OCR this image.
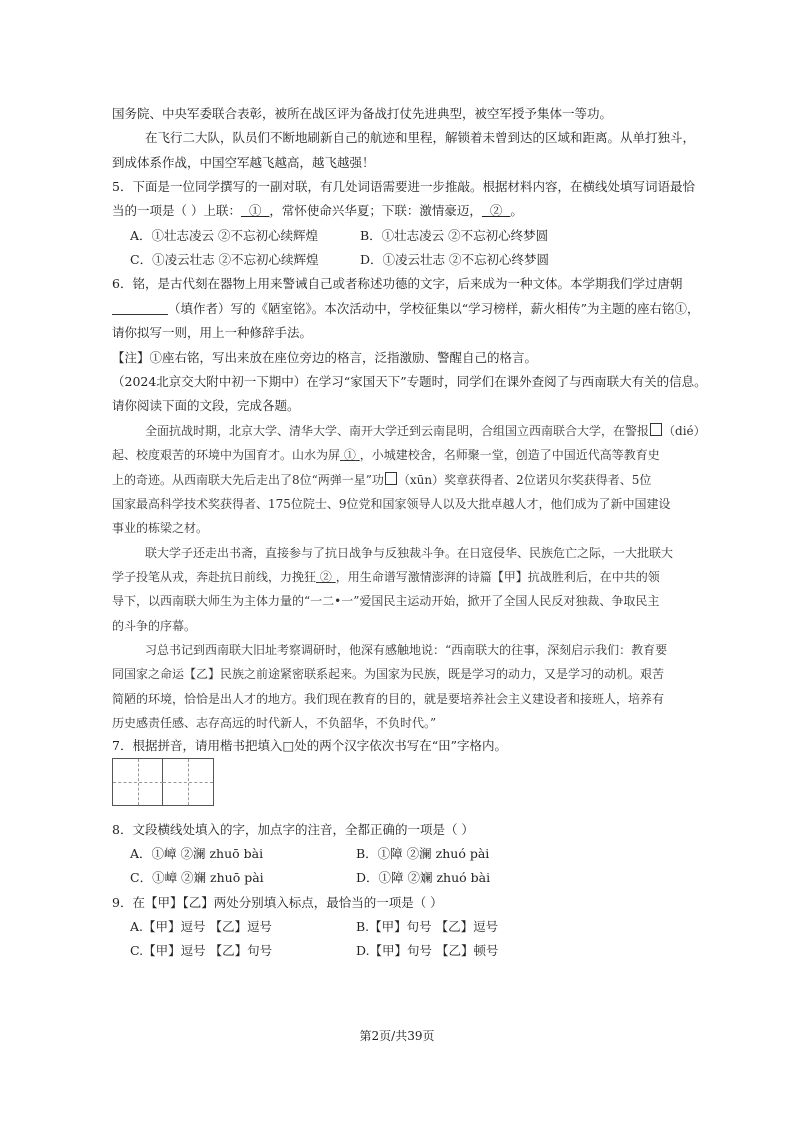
国务院、中央军委联合表彰，被所在战区评为备战打仗先进典型，被空军授予集体一等功。
在飞行二大队，队员们不断地刷新自己的航迹和里程，解锁着未曾到达的区域和距离。从单打独斗，
到成体系作战，中国空军越飞越高，越飞越强！
5．下面是一位同学撰写的一副对联，有几处词语需要进一步推敲。根据材料内容，在横线处填写词语最恰
当的一项是（ ）上联： ① ，常怀使命兴华夏；下联：激情豪迈， ② 。
A．①壮志凌云 ②不忘初心续辉煌	B．①壮志凌云 ②不忘初心终梦圆
C．①凌云壮志 ②不忘初心续辉煌	D．①凌云壮志 ②不忘初心终梦圆
6．铭，是古代刻在器物上用来警诫自己或者称述功德的文字，后来成为一种文体。本学期我们学过唐朝
（填作者）写的《陋室铭》。本次活动中，学校征集以“学习榜样，薪火相传”为主题的座右铭①，
请你拟写一则，用上一种修辞手法。
【注】①座右铭，写出来放在座位旁边的格言，泛指激励、警醒自己的格言。
（2024北京交大附中初一下期中）在学习“家国天下”专题时，同学们在课外查阅了与西南联大有关的信息。
请你阅读下面的文段，完成各题。
全面抗战时期，北京大学、清华大学、南开大学迁到云南昆明，合组国立西南联合大学，在警报 （dié）
起、校度艰苦的环境中为国育才。山水为屏 ① ，小城建校舍，名师聚一堂，创造了中国近代高等教育史
上的奇迹。从西南联大先后走出了8位“两弹一星”功 （xūn）奖章获得者、2位诺贝尔奖获得者、5位
国家最高科学技术奖获得者、175位院士、9位党和国家领导人以及大批卓越人才，他们成为了新中国建设
事业的栋梁之材。
联大学子还走出书斋，直接参与了抗日战争与反独裁斗争。在日寇侵华、民族危亡之际，一大批联大
学子投笔从戎，奔赴抗日前线，力挽狂 ② ，用生命谱写激情澎湃的诗篇【甲】抗战胜利后，在中共的领
导下，以西南联大师生为主体力量的“一二•一”爱国民主运动开始，掀开了全国人民反对独裁、争取民主
的斗争的序幕。
习总书记到西南联大旧址考察调研时，他深有感触地说：“西南联大的往事，深刻启示我们：教育要
同国家之命运【乙】民族之前途紧密联系起来。为国家为民族，既是学习的动力，又是学习的动机。艰苦
简陋的环境，恰恰是出人才的地方。我们现在教育的目的，就是要培养社会主义建设者和接班人，培养有
历史感责任感、志存高远的时代新人，不负韶华，不负时代。”
7．根据拼音，请用楷书把填入□处的两个汉字依次书写在“田”字格内。
8．文段横线处填入的字，加点字的注音，全都正确的一项是（ ）
A．①嶂 ②澜 zhuō bài	B．①障 ②澜 zhuó pài
C．①嶂 ②斓 zhuō pài	D．①障 ②斓 zhuó bài
9．在【甲】【乙】两处分别填入标点，最恰当的一项是（ ）
A.【甲】逗号 【乙】逗号	B.【甲】句号 【乙】逗号
C.【甲】逗号 【乙】句号	D.【甲】句号 【乙】顿号
第2页/共39页
